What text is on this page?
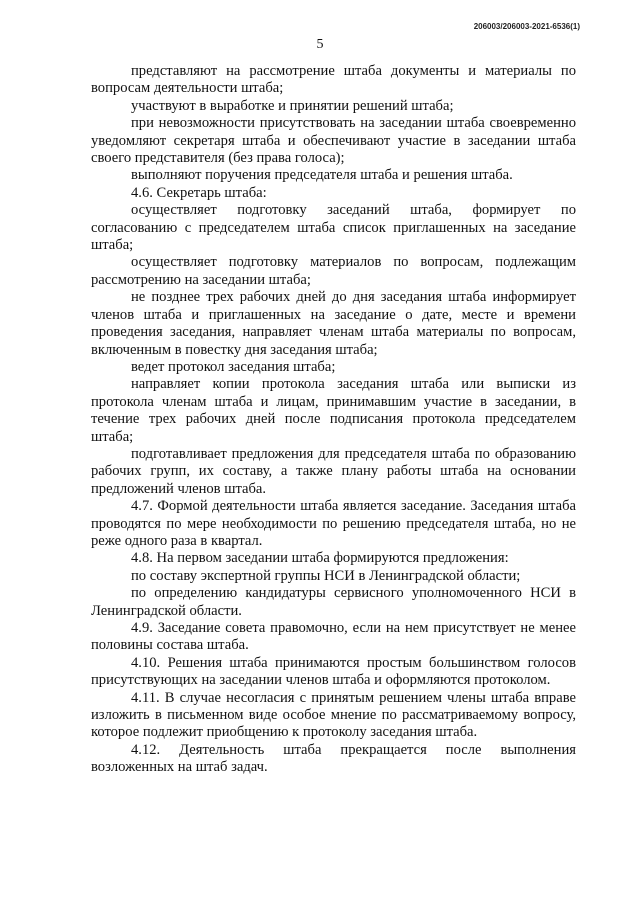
206003/206003-2021-6536(1)
5

представляют на рассмотрение штаба документы и материалы по вопросам деятельности штаба;

участвуют в выработке и принятии решений штаба;

при невозможности присутствовать на заседании штаба своевременно уведомляют секретаря штаба и обеспечивают участие в заседании штаба своего представителя (без права голоса);

выполняют поручения председателя штаба и решения штаба.

4.6. Секретарь штаба:

осуществляет подготовку заседаний штаба, формирует по согласованию с председателем штаба список приглашенных на заседание штаба;

осуществляет подготовку материалов по вопросам, подлежащим рассмотрению на заседании штаба;

не позднее трех рабочих дней до дня заседания штаба информирует членов штаба и приглашенных на заседание о дате, месте и времени проведения заседания, направляет членам штаба материалы по вопросам, включенным в повестку дня заседания штаба;

ведет протокол заседания штаба;

направляет копии протокола заседания штаба или выписки из протокола членам штаба и лицам, принимавшим участие в заседании, в течение трех рабочих дней после подписания протокола председателем штаба;

подготавливает предложения для председателя штаба по образованию рабочих групп, их составу, а также плану работы штаба на основании предложений членов штаба.

4.7. Формой деятельности штаба является заседание. Заседания штаба проводятся по мере необходимости по решению председателя штаба, но не реже одного раза в квартал.

4.8. На первом заседании штаба формируются предложения:

по составу экспертной группы НСИ в Ленинградской области;

по определению кандидатуры сервисного уполномоченного НСИ в Ленинградской области.

4.9. Заседание совета правомочно, если на нем присутствует не менее половины состава штаба.

4.10. Решения штаба принимаются простым большинством голосов присутствующих на заседании членов штаба и оформляются протоколом.

4.11. В случае несогласия с принятым решением члены штаба вправе изложить в письменном виде особое мнение по рассматриваемому вопросу, которое подлежит приобщению к протоколу заседания штаба.

4.12. Деятельность штаба прекращается после выполнения возложенных на штаб задач.
